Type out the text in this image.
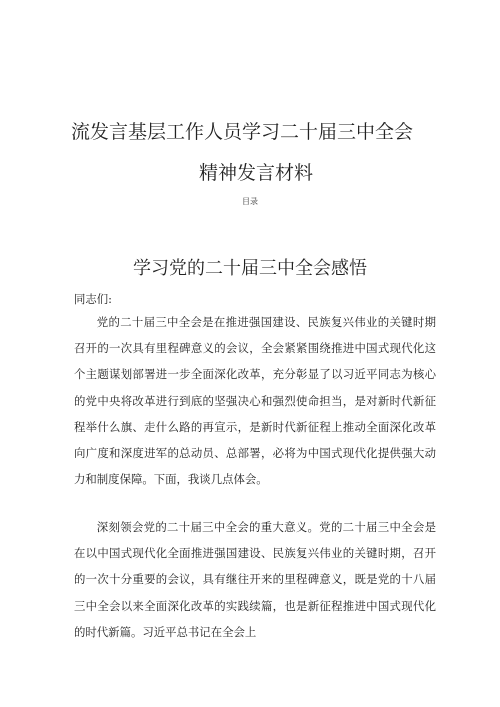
流发言基层工作人员学习二十届三中全会
精神发言材料
目录
学习党的二十届三中全会感悟
同志们:

党的二十届三中全会是在推进强国建设、民族复兴伟业的关键时期召开的一次具有里程碑意义的会议，全会紧紧围绕推进中国式现代化这个主题谋划部署进一步全面深化改革，充分彰显了以习近平同志为核心的党中央将改革进行到底的坚强决心和强烈使命担当，是对新时代新征程举什么旗、走什么路的再宣示，是新时代新征程上推动全面深化改革向广度和深度进军的总动员、总部署，必将为中国式现代化提供强大动力和制度保障。下面，我谈几点体会。

深刻领会党的二十届三中全会的重大意义。党的二十届三中全会是在以中国式现代化全面推进强国建设、民族复兴伟业的关键时期，召开的一次十分重要的会议，具有继往开来的里程碑意义，既是党的十八届三中全会以来全面深化改革的实践续篇，也是新征程推进中国式现代化的时代新篇。习近平总书记在全会上
